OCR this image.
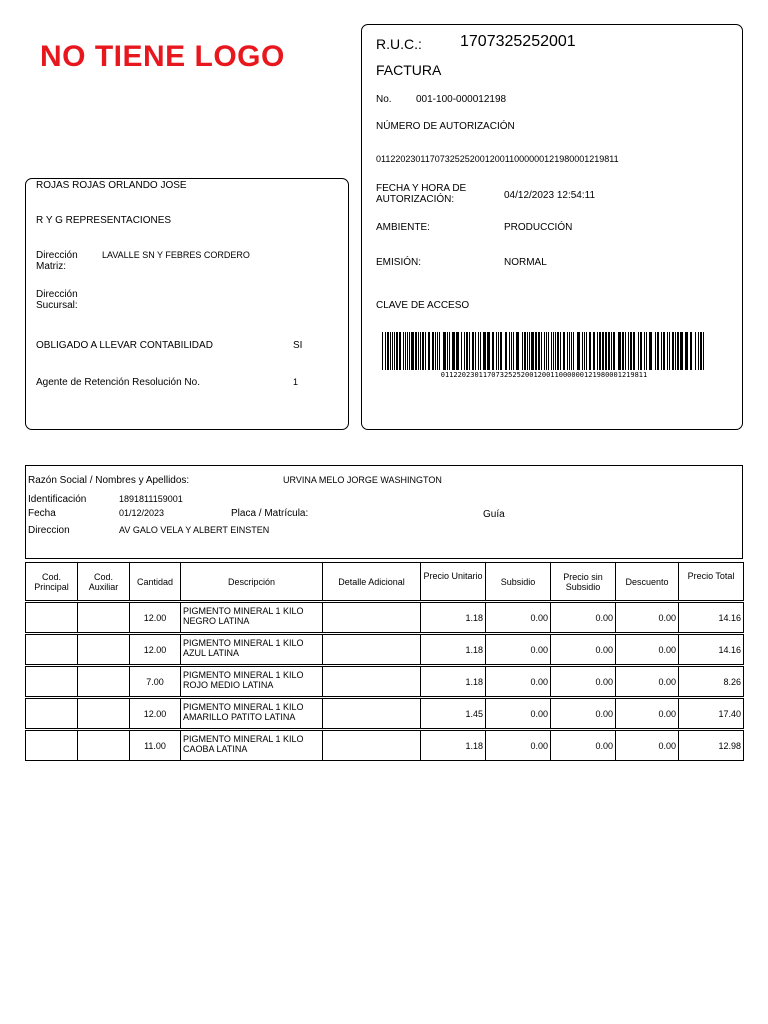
NO TIENE LOGO
ROJAS ROJAS ORLANDO JOSE
R Y G REPRESENTACIONES
Dirección Matriz:
LAVALLE SN Y FEBRES CORDERO
Dirección Sucursal:
OBLIGADO A LLEVAR CONTABILIDAD	SI
Agente de Retención Resolución No.	1
R.U.C.: 1707325252001
FACTURA
No. 001-100-000012198
NÚMERO DE AUTORIZACIÓN
0112202301170732525200120011000000121980001219811
FECHA Y HORA DE AUTORIZACIÓN:	04/12/2023 12:54:11
AMBIENTE:	PRODUCCIÓN
EMISIÓN:	NORMAL
CLAVE DE ACCESO
0112202301170732525200120011000000121980001219811
Razón Social / Nombres y Apellidos:	URVINA MELO JORGE WASHINGTON
Identificación	1891811159001
Fecha	01/12/2023	Placa / Matrícula:	Guía
Direccion	AV GALO VELA Y ALBERT EINSTEN
Cod. Principal	Cod. Auxiliar	Cantidad	Descripción	Detalle Adicional	Precio Unitario	Subsidio	Precio sin Subsidio	Descuento	Precio Total

		12.00	PIGMENTO MINERAL 1 KILO NEGRO LATINA		1.18	0.00	0.00	0.00	14.16

		12.00	PIGMENTO MINERAL 1 KILO AZUL LATINA		1.18	0.00	0.00	0.00	14.16

		7.00	PIGMENTO MINERAL 1 KILO ROJO MEDIO LATINA		1.18	0.00	0.00	0.00	8.26

		12.00	PIGMENTO MINERAL 1 KILO AMARILLO PATITO LATINA		1.45	0.00	0.00	0.00	17.40

		11.00	PIGMENTO MINERAL 1 KILO CAOBA LATINA		1.18	0.00	0.00	0.00	12.98
